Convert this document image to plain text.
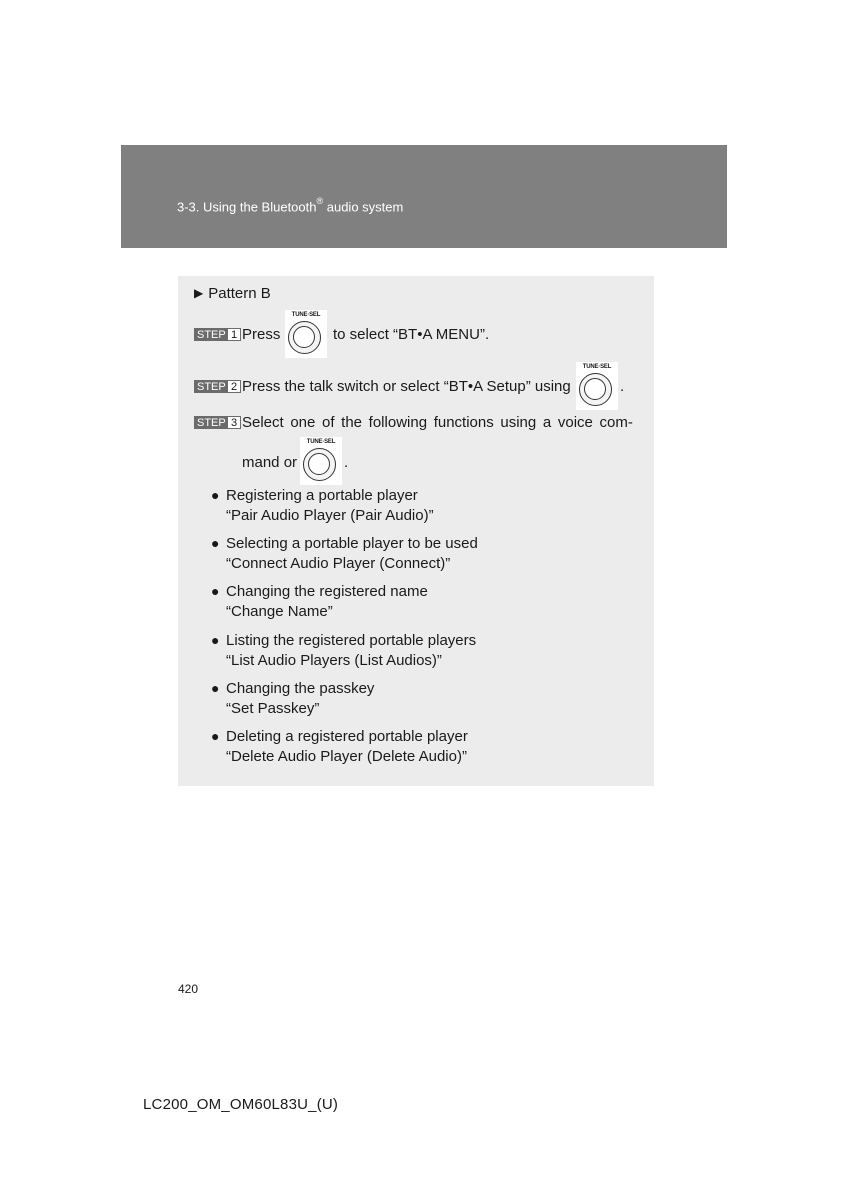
3-3. Using the Bluetooth® audio system
▶ Pattern B
STEP 1 Press
TUNE·SEL
to select “BT•A MENU”.
STEP 2 Press the talk switch or select “BT•A Setup” using
TUNE·SEL
.
STEP 3 Select one of the following functions using a voice com-
mand or
TUNE·SEL
.
● Registering a portable player
“Pair Audio Player (Pair Audio)”
● Selecting a portable player to be used
“Connect Audio Player (Connect)”
● Changing the registered name
“Change Name”
● Listing the registered portable players
“List Audio Players (List Audios)”
● Changing the passkey
“Set Passkey”
● Deleting a registered portable player
“Delete Audio Player (Delete Audio)”
420
LC200_OM_OM60L83U_(U)
